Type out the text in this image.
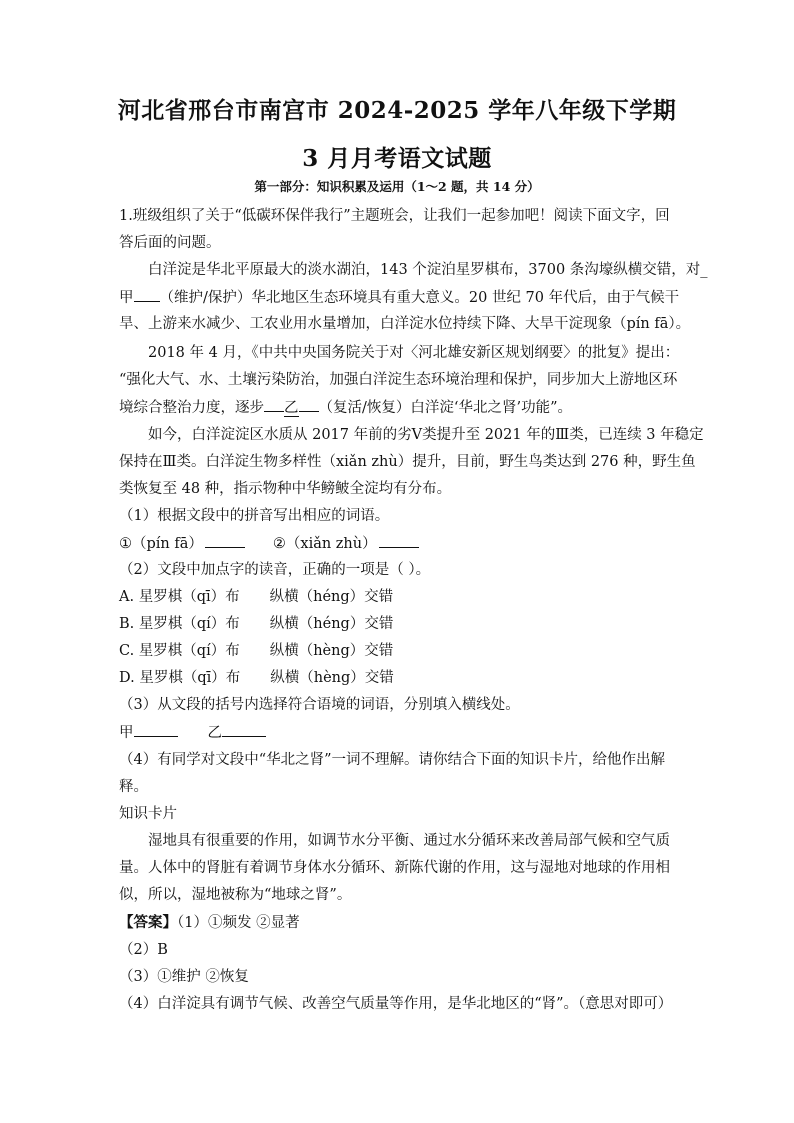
河北省邢台市南宫市 2024-2025 学年八年级下学期
3 月月考语文试题
第一部分：知识积累及运用（1～2 题，共 14 分）
1.班级组织了关于“低碳环保伴我行”主题班会，让我们一起参加吧！阅读下面文字，回
答后面的问题。
白洋淀是华北平原最大的淡水湖泊，143 个淀泊星罗棋布，3700 条沟壕纵横交错，对_
甲 （维护/保护）华北地区生态环境具有重大意义。20 世纪 70 年代后，由于气候干
旱、上游来水减少、工农业用水量增加，白洋淀水位持续下降、大旱干淀现象（pín fā）。
2018 年 4 月，《中共中央国务院关于对〈河北雄安新区规划纲要〉的批复》提出：
“强化大气、水、土壤污染防治，加强白洋淀生态环境治理和保护，同步加大上游地区环
境综合整治力度，逐步 乙 （复活/恢复）白洋淀‘华北之肾’功能”。
如今，白洋淀淀区水质从 2017 年前的劣Ⅴ类提升至 2021 年的Ⅲ类，已连续 3 年稳定
保持在Ⅲ类。白洋淀生物多样性（xiǎn zhù）提升，目前，野生鸟类达到 276 种，野生鱼
类恢复至 48 种，指示物种中华鳑鲏全淀均有分布。
（1）根据文段中的拼音写出相应的词语。
①（pín fā）	②（xiǎn zhù）
（2）文段中加点字的读音，正确的一项是（ ）。
A. 星罗棋（qī）布 纵横（héng）交错
B. 星罗棋（qí）布 纵横（héng）交错
C. 星罗棋（qí）布 纵横（hèng）交错
D. 星罗棋（qī）布 纵横（hèng）交错
（3）从文段的括号内选择符合语境的词语，分别填入横线处。
甲	乙
（4）有同学对文段中“华北之肾”一词不理解。请你结合下面的知识卡片，给他作出解
释。
知识卡片
湿地具有很重要的作用，如调节水分平衡、通过水分循环来改善局部气候和空气质
量。人体中的肾脏有着调节身体水分循环、新陈代谢的作用，这与湿地对地球的作用相
似，所以，湿地被称为“地球之肾”。
【答案】（1）①频发 ②显著
（2）B
（3）①维护 ②恢复
（4）白洋淀具有调节气候、改善空气质量等作用，是华北地区的“肾”。（意思对即可）
